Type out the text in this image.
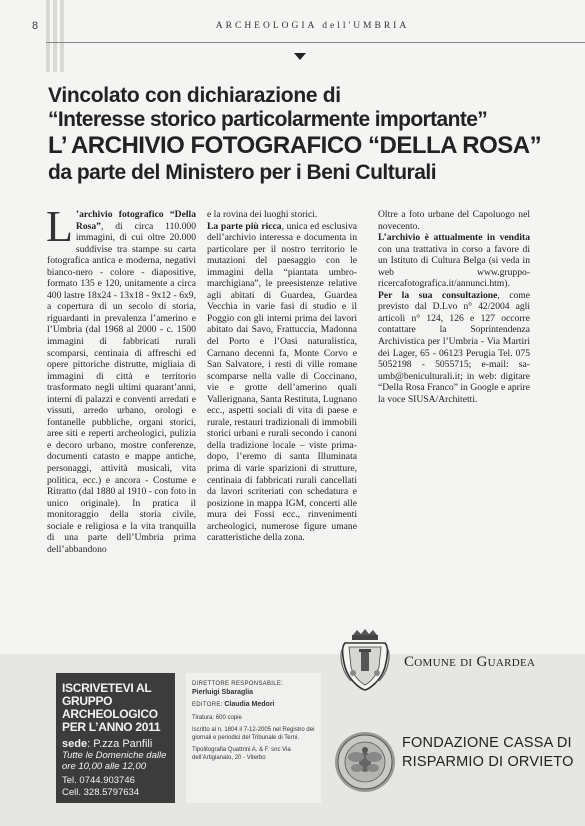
8	ARCHEOLOGIA dell'UMBRIA
Vincolato con dichiarazione di
“Interesse storico particolarmente importante”
L’ ARCHIVIO FOTOGRAFICO “DELLA ROSA”
da parte del Ministero per i Beni Culturali

L ’archivio fotografico “Della Rosa”, di circa 110.000 immagini, di cui oltre 20.000 suddivise tra stampe su carta fotografica antica e moderna, negativi bianco-nero - colore - diapositive, formato 135 e 120, unitamente a circa 400 lastre 18x24 - 13x18 - 9x12 - 6x9, a copertura di un secolo di storia, riguardanti in prevalenza l’amerino e l’Umbria (dal 1968 al 2000 - c. 1500 immagini di fabbricati rurali scomparsi, centinaia di affreschi ed opere pittoriche distrutte, migliaia di immagini di città e territorio trasformato negli ultimi quarant’anni, interni di palazzi e conventi arredati e vissuti, arredo urbano, orologi e fontanelle pubbliche, organi storici, aree siti e reperti archeologici, pulizia e decoro urbano, mostre conferenze, documenti catasto e mappe antiche, personaggi, attività musicali, vita politica, ecc.) e ancora - Costume e Ritratto (dal 1880 al 1910 - con foto in unico originale). In pratica il monitoraggio della storia civile, sociale e religiosa e la vita tranquilla di una parte dell’Umbria prima dell’abbandono

e la rovina dei luoghi storici.

La parte più ricca, unica ed esclusiva dell’archivio interessa e documenta in particolare per il nostro territorio le mutazioni del paesaggio con le immagini della “piantata umbro-marchigiana”, le preesistenze relative agli abitati di Guardea, Guardea Vecchia in varie fasi di studio e il Poggio con gli interni prima dei lavori abitato dai Savo, Frattuccia, Madonna del Porto e l’Oasi naturalistica, Carnano decenni fa, Monte Corvo e San Salvatore, i resti di ville romane scomparse nella valle di Coccinano, vie e grotte dell’amerino quali Vallerignana, Santa Restituta, Lugnano ecc., aspetti sociali di vita di paese e rurale, restauri tradizionali di immobili storici urbani e rurali secondo i canoni della tradizione locale – viste prima-dopo, l’eremo di santa Illuminata prima di varie sparizioni di strutture, centinaia di fabbricati rurali cancellati da lavori scriteriati con schedatura e posizione in mappa IGM, concerti alle mura dei Fossi ecc., rinvenimenti archeologici, numerose figure umane caratteristiche della zona.

Oltre a foto urbane del Capoluogo nel novecento.

L’archivio è attualmente in vendita con una trattativa in corso a favore di un Istituto di Cultura Belga (si veda in web www.gruppo-ricercafotografica.it/annunci.htm).

Per la sua consultazione, come previsto dal D.Lvo n° 42/2004 agli articoli n° 124, 126 e 127 occorre contattare la Soprintendenza Archivistica per l’Umbria - Via Martiri dei Lager, 65 - 06123 Perugia Tel. 075 5052198 - 5055715; e-mail: sa-umb@beniculturali.it; in web: digitare “Della Rosa Franco” in Google e aprire la voce SIUSA/Architetti.

ISCRIVETEVI AL GRUPPO ARCHEOLOGICO PER L’ANNO 2011
sede: P.zza Panfili
Tutte le Domeniche dalle ore 10,00 alle 12,00
Tel. 0744.903746
Cell. 328.5797634
DIRETTORE RESPONSABILE:
Pierluigi Sbaraglia
EDITORE: Claudia Medori
Tiratura: 600 copie
Iscritto al n. 1804 il 7-12-2005 nel Registro dei giornali e periodici del Tribunale di Terni.
Tipolitografia Quattrini A. & F. snc Via dell’Artigianato, 20 - Viterbo
Comune di Guardea
FONDAZIONE CASSA DI
RISPARMIO DI ORVIETO
